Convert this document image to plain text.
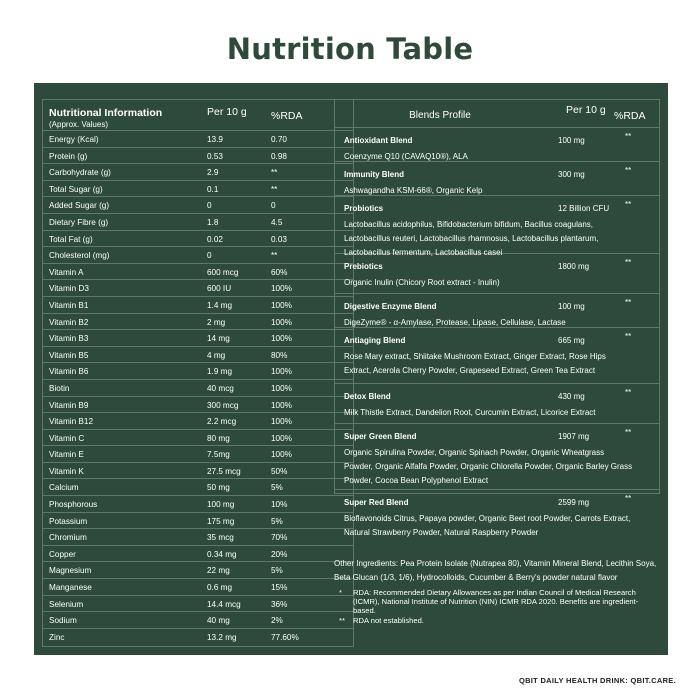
Nutrition Table
Nutritional Information
(Approx. Values)
Per 10 g %RDA
Energy (Kcal)	13.9	0.70
Protein (g)	0.53	0.98
Carbohydrate (g)	2.9	**
Total Sugar (g)	0.1	**
Added Sugar (g)	0	0
Dietary Fibre (g)	1.8	4.5
Total Fat (g)	0.02	0.03
Cholesterol (mg)	0	**
Vitamin A	600 mcg	60%
Vitamin D3	600 IU	100%
Vitamin B1	1.4 mg	100%
Vitamin B2	2 mg	100%
Vitamin B3	14 mg	100%
Vitamin B5	4 mg	80%
Vitamin B6	1.9 mg	100%
Biotin	40 mcg	100%
Vitamin B9	300 mcg	100%
Vitamin B12	2.2 mcg	100%
Vitamin C	80 mg	100%
Vitamin E	7.5mg	100%
Vitamin K	27.5 mcg	50%
Calcium	50 mg	5%
Phosphorous	100 mg	10%
Potassium	175 mg	5%
Chromium	35 mcg	70%
Copper	0.34 mg	20%
Magnesium	22 mg	5%
Manganese	0.6 mg	15%
Selenium	14.4 mcg	36%
Sodium	40 mg	2%
Zinc	13.2 mg	77.60%
Blends Profile	Per 10 g %RDA
Antioxidant Blend	100 mg	**
Coenzyme Q10 (CAVAQ10®), ALA
Immunity Blend	300 mg	**
Ashwagandha KSM-66®, Organic Kelp
Probiotics	12 Billion CFU **
Lactobacillus acidophilus, Bifidobacterium bifidum, Bacillus coagulans, Lactobacillus reuteri, Lactobacillus rhamnosus, Lactobacillus plantarum, Lactobacillus fermentum, Lactobacillus casei
Prebiotics	1800 mg	**
Organic Inulin (Chicory Root extract - Inulin)
Digestive Enzyme Blend	100 mg	**
DigeZyme® - α-Amylase, Protease, Lipase, Cellulase, Lactase
Antiaging Blend	665 mg	**
Rose Mary extract, Shiitake Mushroom Extract, Ginger Extract, Rose Hips Extract, Acerola Cherry Powder, Grapeseed Extract, Green Tea Extract
Detox Blend	430 mg	**
Milk Thistle Extract, Dandelion Root, Curcumin Extract, Licorice Extract
Super Green Blend	1907 mg	**
Organic Spirulina Powder, Organic Spinach Powder, Organic Wheatgrass Powder, Organic Alfalfa Powder, Organic Chlorella Powder, Organic Barley Grass Powder, Cocoa Bean Polyphenol Extract
Super Red Blend	2599 mg	**
Bioflavonoids Citrus, Papaya powder, Organic Beet root Powder, Carrots Extract, Natural Strawberry Powder, Natural Raspberry Powder
Other Ingredients: Pea Protein Isolate (Nutrapea 80), Vitamin Mineral Blend, Lecithin Soya, Beta Glucan (1/3, 1/6), Hydrocolloids, Cucumber & Berry's powder natural flavor
* RDA: Recommended Dietary Allowances as per Indian Council of Medical Research (ICMR), National Institute of Nutrition (NIN) ICMR RDA 2020. Benefits are ingredient-based.
** RDA not established.
QBIT DAILY HEALTH DRINK: QBIT.CARE.
